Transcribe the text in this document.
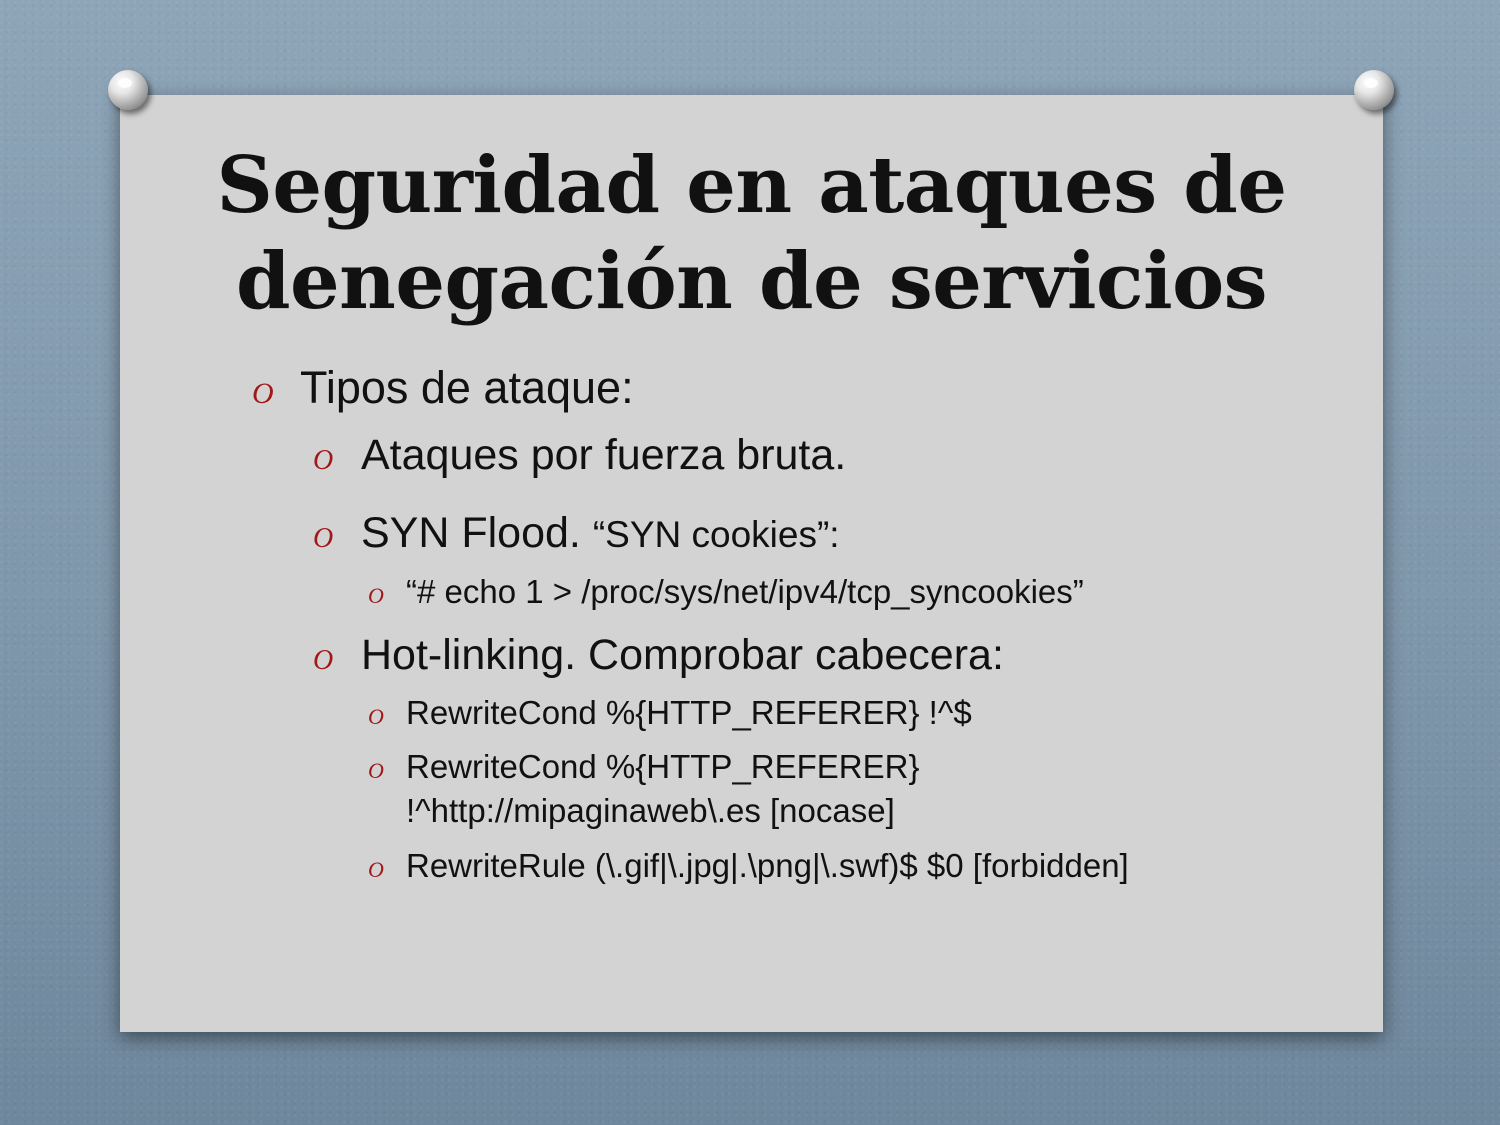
Seguridad en ataques de
denegación de servicios
O Tipos de ataque:
O Ataques por fuerza bruta.
O SYN Flood. “SYN cookies”:
O “# echo 1 > /proc/sys/net/ipv4/tcp_syncookies”
O Hot-linking. Comprobar cabecera:
O RewriteCond %{HTTP_REFERER} !^$
O RewriteCond %{HTTP_REFERER}
!^http://mipaginaweb\.es [nocase]
O RewriteRule (\.gif|\.jpg|.\png|\.swf)$ $0 [forbidden]
